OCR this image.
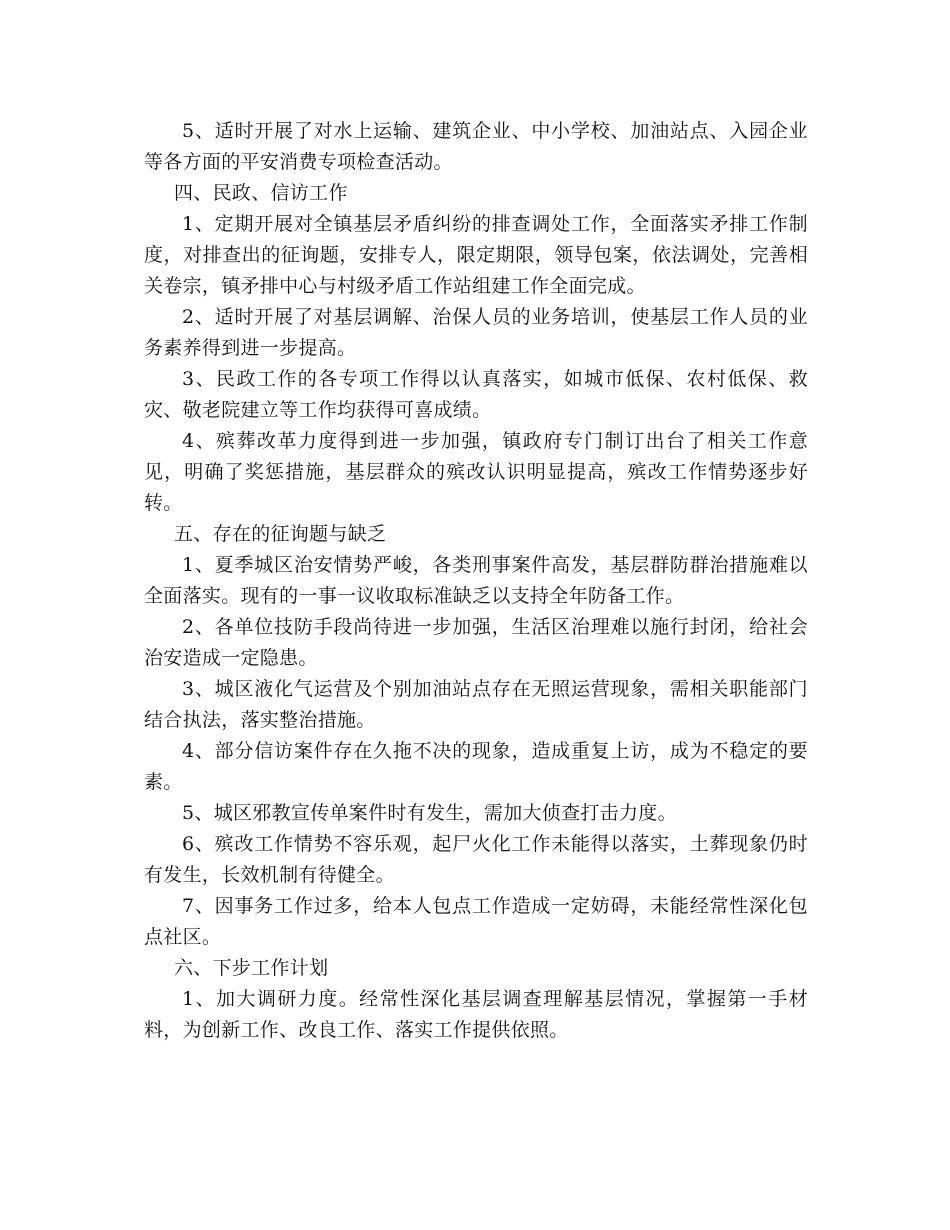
5、适时开展了对水上运输、建筑企业、中小学校、加油站点、入园企业等各方面的平安消费专项检查活动。

四、民政、信访工作

1、定期开展对全镇基层矛盾纠纷的排查调处工作，全面落实矛排工作制度，对排查出的征询题，安排专人，限定期限，领导包案，依法调处，完善相关卷宗，镇矛排中心与村级矛盾工作站组建工作全面完成。

2、适时开展了对基层调解、治保人员的业务培训，使基层工作人员的业务素养得到进一步提高。

3、民政工作的各专项工作得以认真落实，如城市低保、农村低保、救灾、敬老院建立等工作均获得可喜成绩。

4、殡葬改革力度得到进一步加强，镇政府专门制订出台了相关工作意见，明确了奖惩措施，基层群众的殡改认识明显提高，殡改工作情势逐步好转。

五、存在的征询题与缺乏

1、夏季城区治安情势严峻，各类刑事案件高发，基层群防群治措施难以全面落实。现有的一事一议收取标准缺乏以支持全年防备工作。

2、各单位技防手段尚待进一步加强，生活区治理难以施行封闭，给社会治安造成一定隐患。

3、城区液化气运营及个别加油站点存在无照运营现象，需相关职能部门结合执法，落实整治措施。

4、部分信访案件存在久拖不决的现象，造成重复上访，成为不稳定的要素。

5、城区邪教宣传单案件时有发生，需加大侦查打击力度。

6、殡改工作情势不容乐观，起尸火化工作未能得以落实，土葬现象仍时有发生，长效机制有待健全。

7、因事务工作过多，给本人包点工作造成一定妨碍，未能经常性深化包点社区。

六、下步工作计划

1、加大调研力度。经常性深化基层调查理解基层情况，掌握第一手材料，为创新工作、改良工作、落实工作提供依照。
